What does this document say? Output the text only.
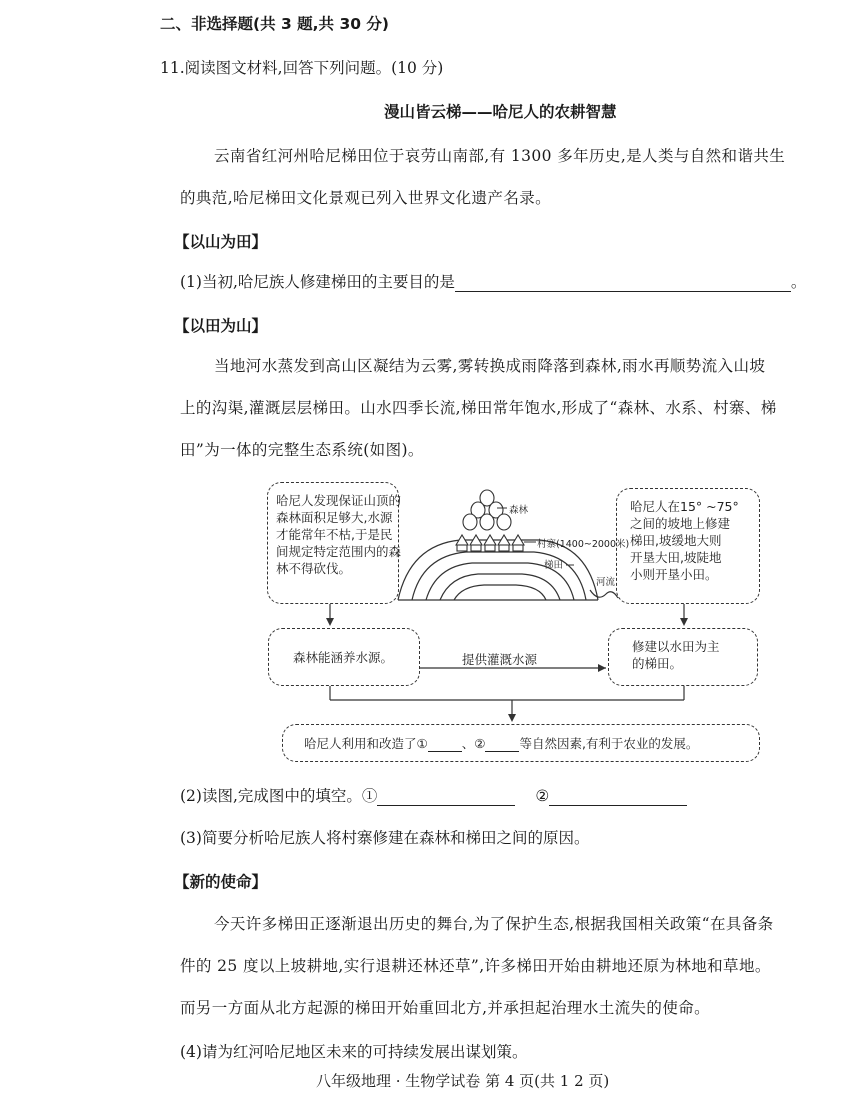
二、非选择题(共 3 题,共 30 分)
11.阅读图文材料,回答下列问题。(10 分)
漫山皆云梯——哈尼人的农耕智慧
云南省红河州哈尼梯田位于哀劳山南部,有 1300 多年历史,是人类与自然和谐共生
的典范,哈尼梯田文化景观已列入世界文化遗产名录。
【以山为田】
(1)当初,哈尼族人修建梯田的主要目的是	。
【以田为山】
当地河水蒸发到高山区凝结为云雾,雾转换成雨降落到森林,雨水再顺势流入山坡
上的沟渠,灌溉层层梯田。山水四季长流,梯田常年饱水,形成了“森林、水系、村寨、梯
田”为一体的完整生态系统(如图)。
哈尼人发现保证山顶的
森林面积足够大,水源
才能常年不枯,于是民
间规定特定范围内的森
林不得砍伐。
哈尼人在15° ~75°
之间的坡地上修建
梯田,坡缓地大则
开垦大田,坡陡地
小则开垦小田。
森林
村寨(1400~2000米)
梯田
河流
森林能涵养水源。	提供灌溉水源
修建以水田为主
的梯田。
哈尼人利用和改造了①	、②	等自然因素,有利于农业的发展。
(2)读图,完成图中的填空。①	②
(3)简要分析哈尼族人将村寨修建在森林和梯田之间的原因。
【新的使命】
今天许多梯田正逐渐退出历史的舞台,为了保护生态,根据我国相关政策“在具备条
件的 25 度以上坡耕地,实行退耕还林还草”,许多梯田开始由耕地还原为林地和草地。
而另一方面从北方起源的梯田开始重回北方,并承担起治理水土流失的使命。
(4)请为红河哈尼地区未来的可持续发展出谋划策。
八年级地理 · 生物学试卷 第 4 页(共 1 2 页)
